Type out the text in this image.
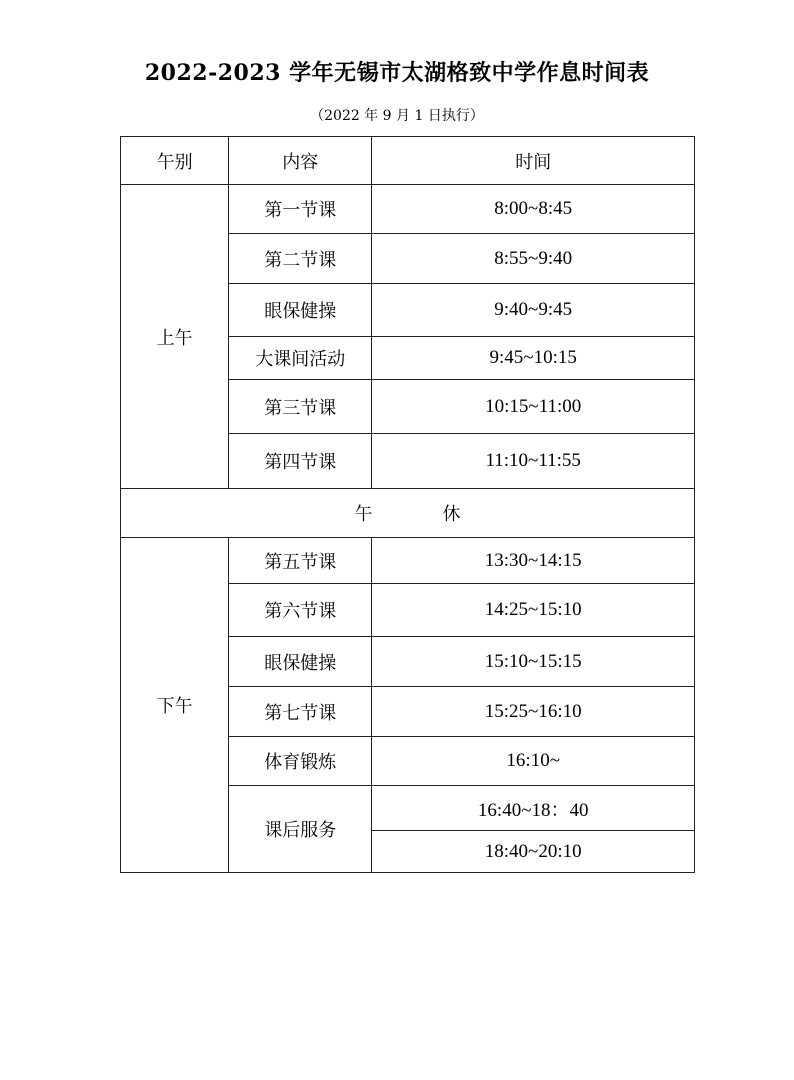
2022-2023 学年无锡市太湖格致中学作息时间表
（2022 年 9 月 1 日执行）
午别	内容	时间
上午	第一节课	8:00~8:45
	第二节课	8:55~9:40
	眼保健操	9:40~9:45
	大课间活动	9:45~10:15
	第三节课	10:15~11:00
	第四节课	11:10~11:55
午 休		
下午	第五节课	13:30~14:15
	第六节课	14:25~15:10
	眼保健操	15:10~15:15
	第七节课	15:25~16:10
	体育锻炼	16:10~
	课后服务	16:40~18：40
		18:40~20:10
